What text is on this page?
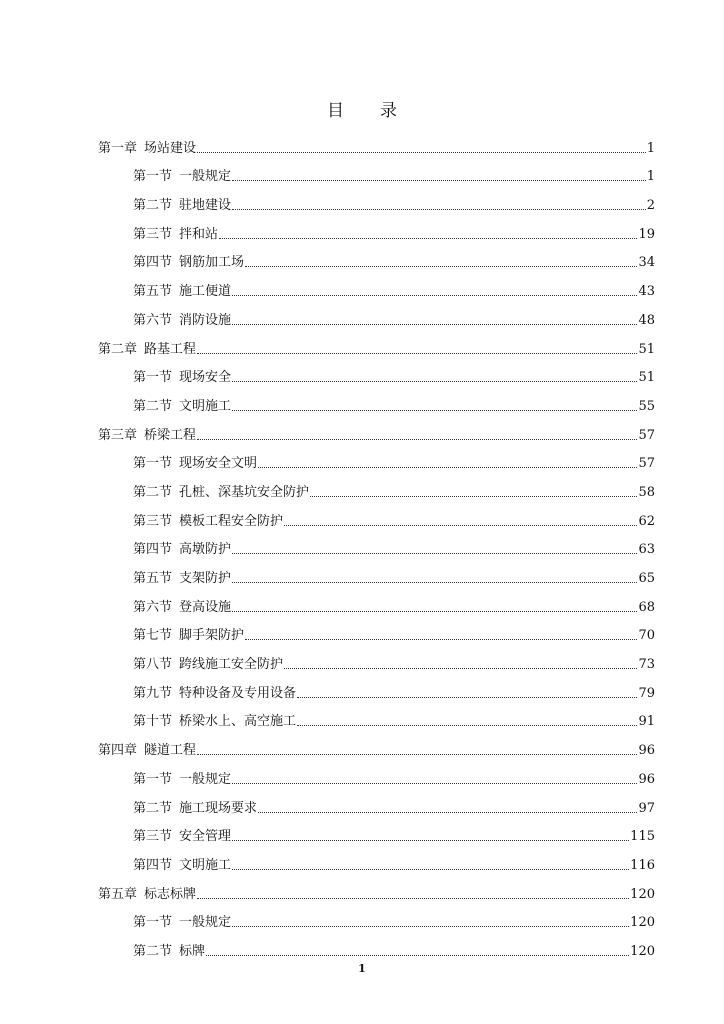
目 录
第一章 场站建设	1
第一节 一般规定	1
第二节 驻地建设	2
第三节 拌和站	19
第四节 钢筋加工场	34
第五节 施工便道	43
第六节 消防设施	48
第二章 路基工程	51
第一节 现场安全	51
第二节 文明施工	55
第三章 桥梁工程	57
第一节 现场安全文明	57
第二节 孔桩、深基坑安全防护	58
第三节 模板工程安全防护	62
第四节 高墩防护	63
第五节 支架防护	65
第六节 登高设施	68
第七节 脚手架防护	70
第八节 跨线施工安全防护	73
第九节 特种设备及专用设备	79
第十节 桥梁水上、高空施工	91
第四章 隧道工程	96
第一节 一般规定	96
第二节 施工现场要求	97
第三节 安全管理	115
第四节 文明施工	116
第五章 标志标牌	120
第一节 一般规定	120
第二节 标牌	120
1
